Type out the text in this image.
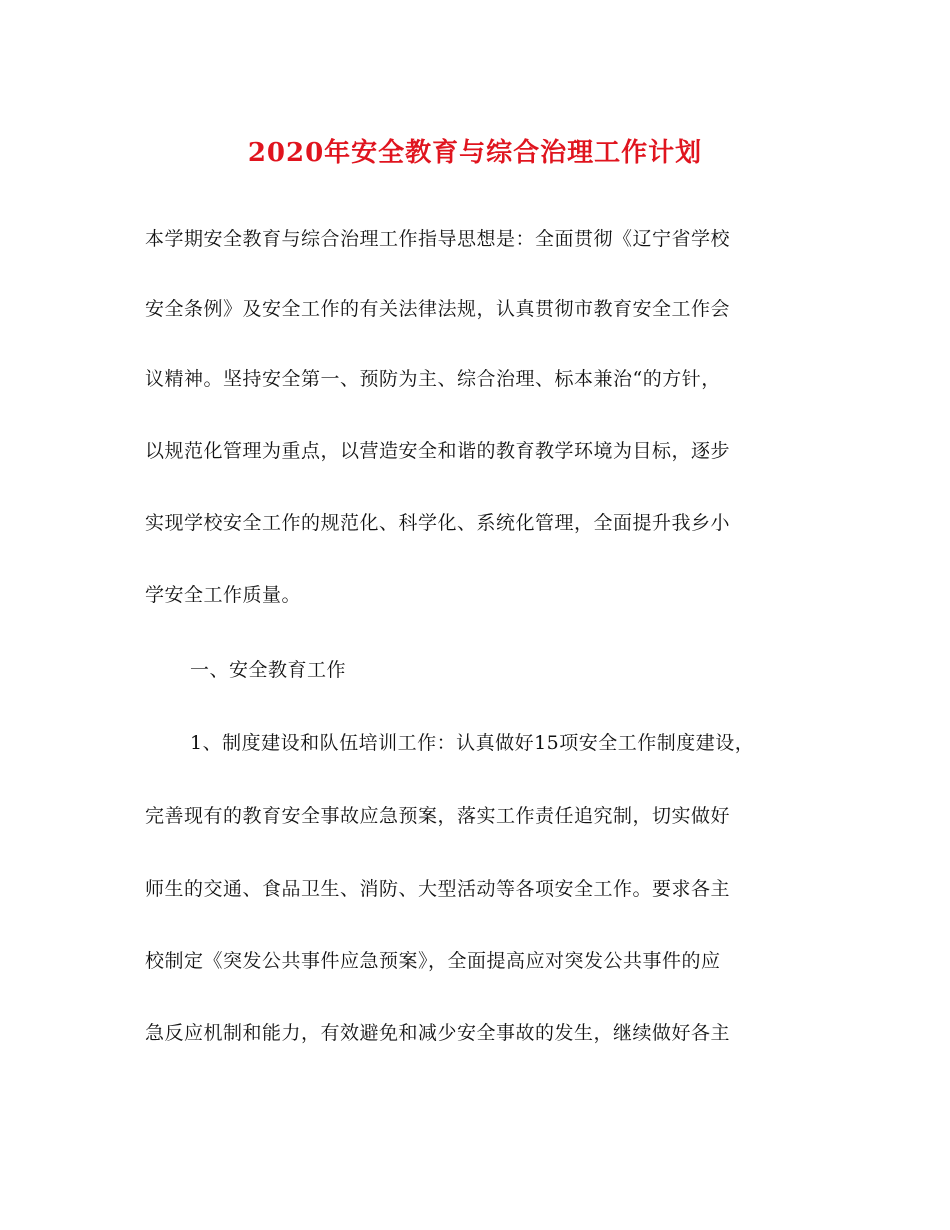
2020年安全教育与综合治理工作计划
本学期安全教育与综合治理工作指导思想是：全面贯彻《辽宁省学校
安全条例》及安全工作的有关法律法规，认真贯彻市教育安全工作会
议精神。坚持安全第一、预防为主、综合治理、标本兼治“的方针，
以规范化管理为重点，以营造安全和谐的教育教学环境为目标，逐步
实现学校安全工作的规范化、科学化、系统化管理，全面提升我乡小
学安全工作质量。
一、安全教育工作
1、制度建设和队伍培训工作：认真做好15项安全工作制度建设，
完善现有的教育安全事故应急预案，落实工作责任追究制，切实做好
师生的交通、食品卫生、消防、大型活动等各项安全工作。要求各主
校制定《突发公共事件应急预案》，全面提高应对突发公共事件的应
急反应机制和能力，有效避免和减少安全事故的发生，继续做好各主
